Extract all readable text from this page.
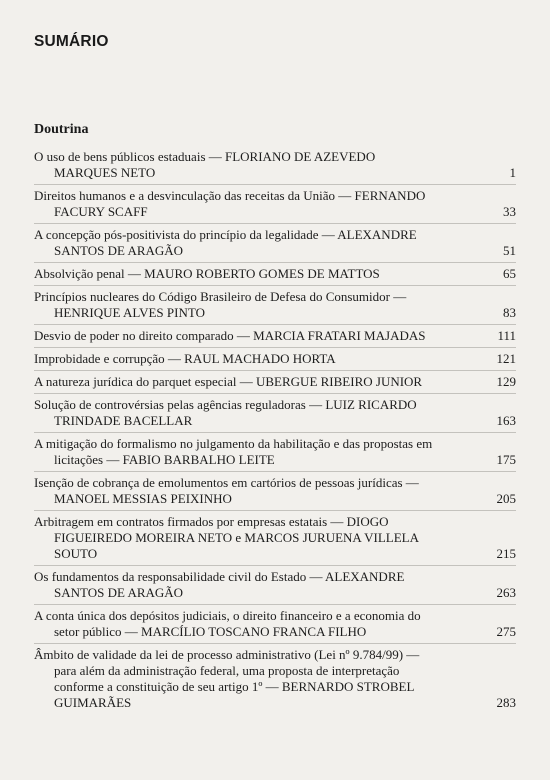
SUMÁRIO
Doutrina
O uso de bens públicos estaduais — FLORIANO DE AZEVEDO
MARQUES NETO	1
Direitos humanos e a desvinculação das receitas da União — FERNANDO
FACURY SCAFF	33
A concepção pós-positivista do princípio da legalidade — ALEXANDRE
SANTOS DE ARAGÃO	51
Absolvição penal — MAURO ROBERTO GOMES DE MATTOS	65
Princípios nucleares do Código Brasileiro de Defesa do Consumidor —
HENRIQUE ALVES PINTO	83
Desvio de poder no direito comparado — MARCIA FRATARI MAJADAS	111
Improbidade e corrupção — RAUL MACHADO HORTA	121
A natureza jurídica do parquet especial — UBERGUE RIBEIRO JUNIOR	129
Solução de controvérsias pelas agências reguladoras — LUIZ RICARDO
TRINDADE BACELLAR	163
A mitigação do formalismo no julgamento da habilitação e das propostas em
licitações — FABIO BARBALHO LEITE	175
Isenção de cobrança de emolumentos em cartórios de pessoas jurídicas —
MANOEL MESSIAS PEIXINHO	205
Arbitragem em contratos firmados por empresas estatais — DIOGO
FIGUEIREDO MOREIRA NETO e MARCOS JURUENA VILLELA
SOUTO	215
Os fundamentos da responsabilidade civil do Estado — ALEXANDRE
SANTOS DE ARAGÃO	263
A conta única dos depósitos judiciais, o direito financeiro e a economia do
setor público — MARCÍLIO TOSCANO FRANCA FILHO	275
Âmbito de validade da lei de processo administrativo (Lei nº 9.784/99) —
para além da administração federal, uma proposta de interpretação
conforme a constituição de seu artigo 1º — BERNARDO STROBEL
GUIMARÃES	283
